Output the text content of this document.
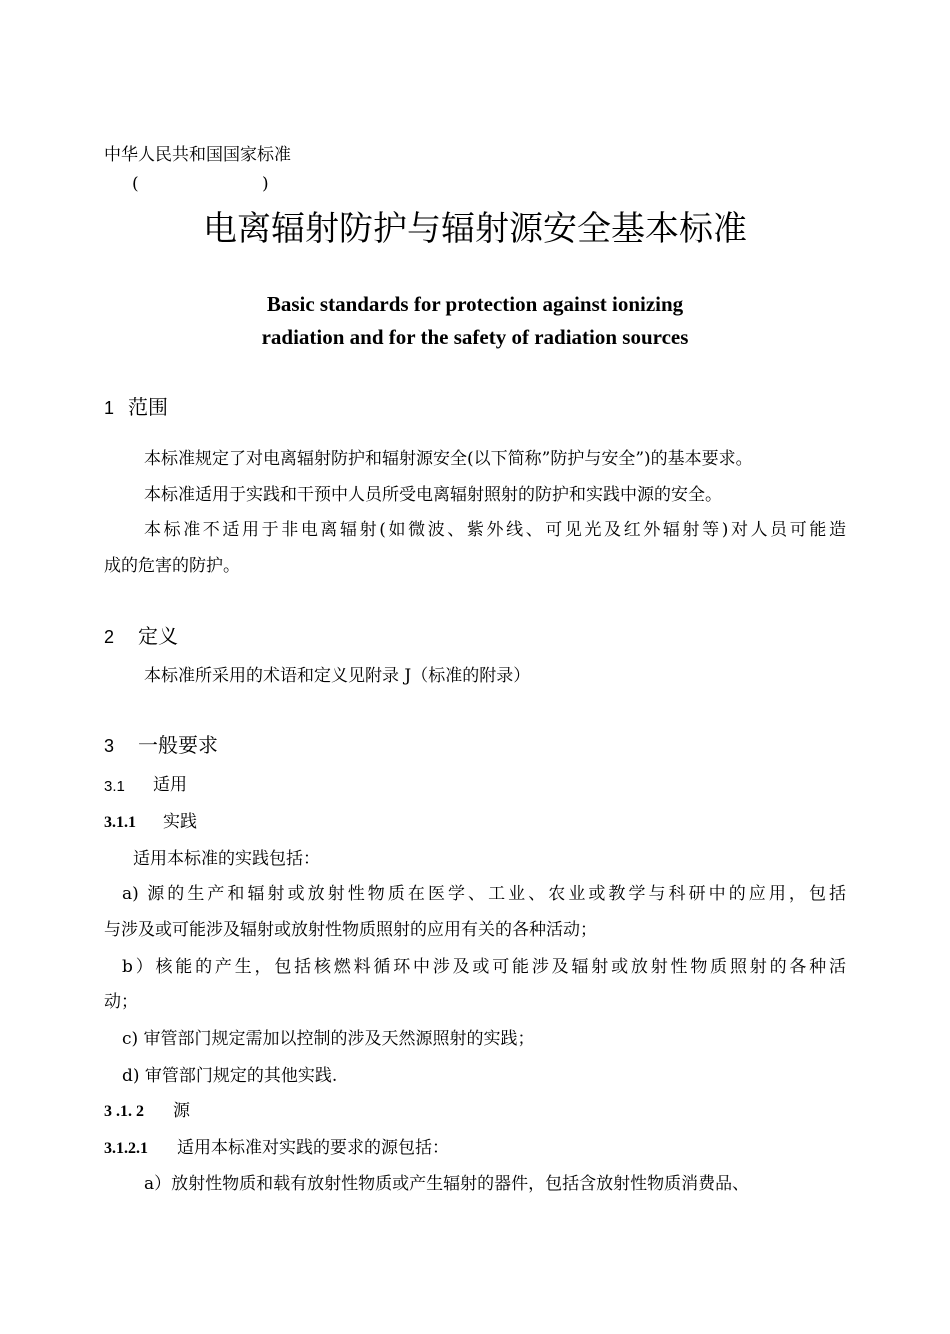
中华人民共和国国家标准
(	)
电离辐射防护与辐射源安全基本标准
Basic standards for protection against ionizing
radiation and for the safety of radiation sources
1 范围
本标准规定了对电离辐射防护和辐射源安全(以下简称”防护与安全”)的基本要求。
本标准适用于实践和干预中人员所受电离辐射照射的防护和实践中源的安全。
本标准不适用于非电离辐射(如微波、紫外线、可见光及红外辐射等)对人员可能造
成的危害的防护。
2 定义
本标准所采用的术语和定义见附录 J（标准的附录）
3 一般要求
3.1 适用
3.1.1 实践
适用本标准的实践包括：
a) 源的生产和辐射或放射性物质在医学、工业、农业或教学与科研中的应用，包括
与涉及或可能涉及辐射或放射性物质照射的应用有关的各种活动；
b）核能的产生，包括核燃料循环中涉及或可能涉及辐射或放射性物质照射的各种活
动；
c) 审管部门规定需加以控制的涉及天然源照射的实践；
d) 审管部门规定的其他实践.
3 .1. 2 源
3.1.2.1 适用本标准对实践的要求的源包括：
a）放射性物质和载有放射性物质或产生辐射的器件，包括含放射性物质消费品、
